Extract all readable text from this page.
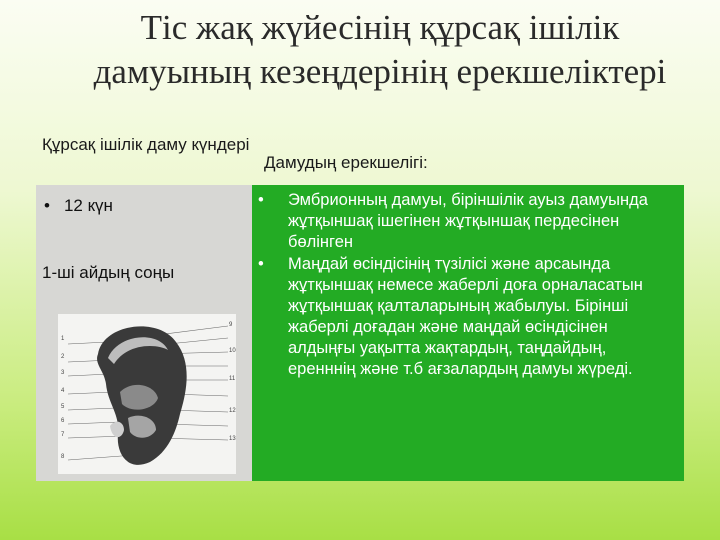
Тіс жақ жүйесінің құрсақ ішілік дамуының кезеңдерінің ерекшеліктері
Құрсақ ішілік даму күндері
Дамудың ерекшелігі:
• 12 күн
1-ші айдың соңы
1
2
3
4
5
6
7
8
9
10
11
12
13
• Эмбрионның дамуы, біріншілік ауыз дамуында жұтқыншақ ішегінен жұтқыншақ пердесінен бөлінген
• Маңдай өсіндісінің түзілісі және арсаында жұтқыншақ немесе жаберлі доға орналасатын жұтқыншақ қалталарының жабылуы. Бірінші жаберлі доғадан және маңдай өсіндісінен алдыңғы уақытта жақтардың, таңдайдың, еренннің және т.б ағзалардың дамуы жүреді.
